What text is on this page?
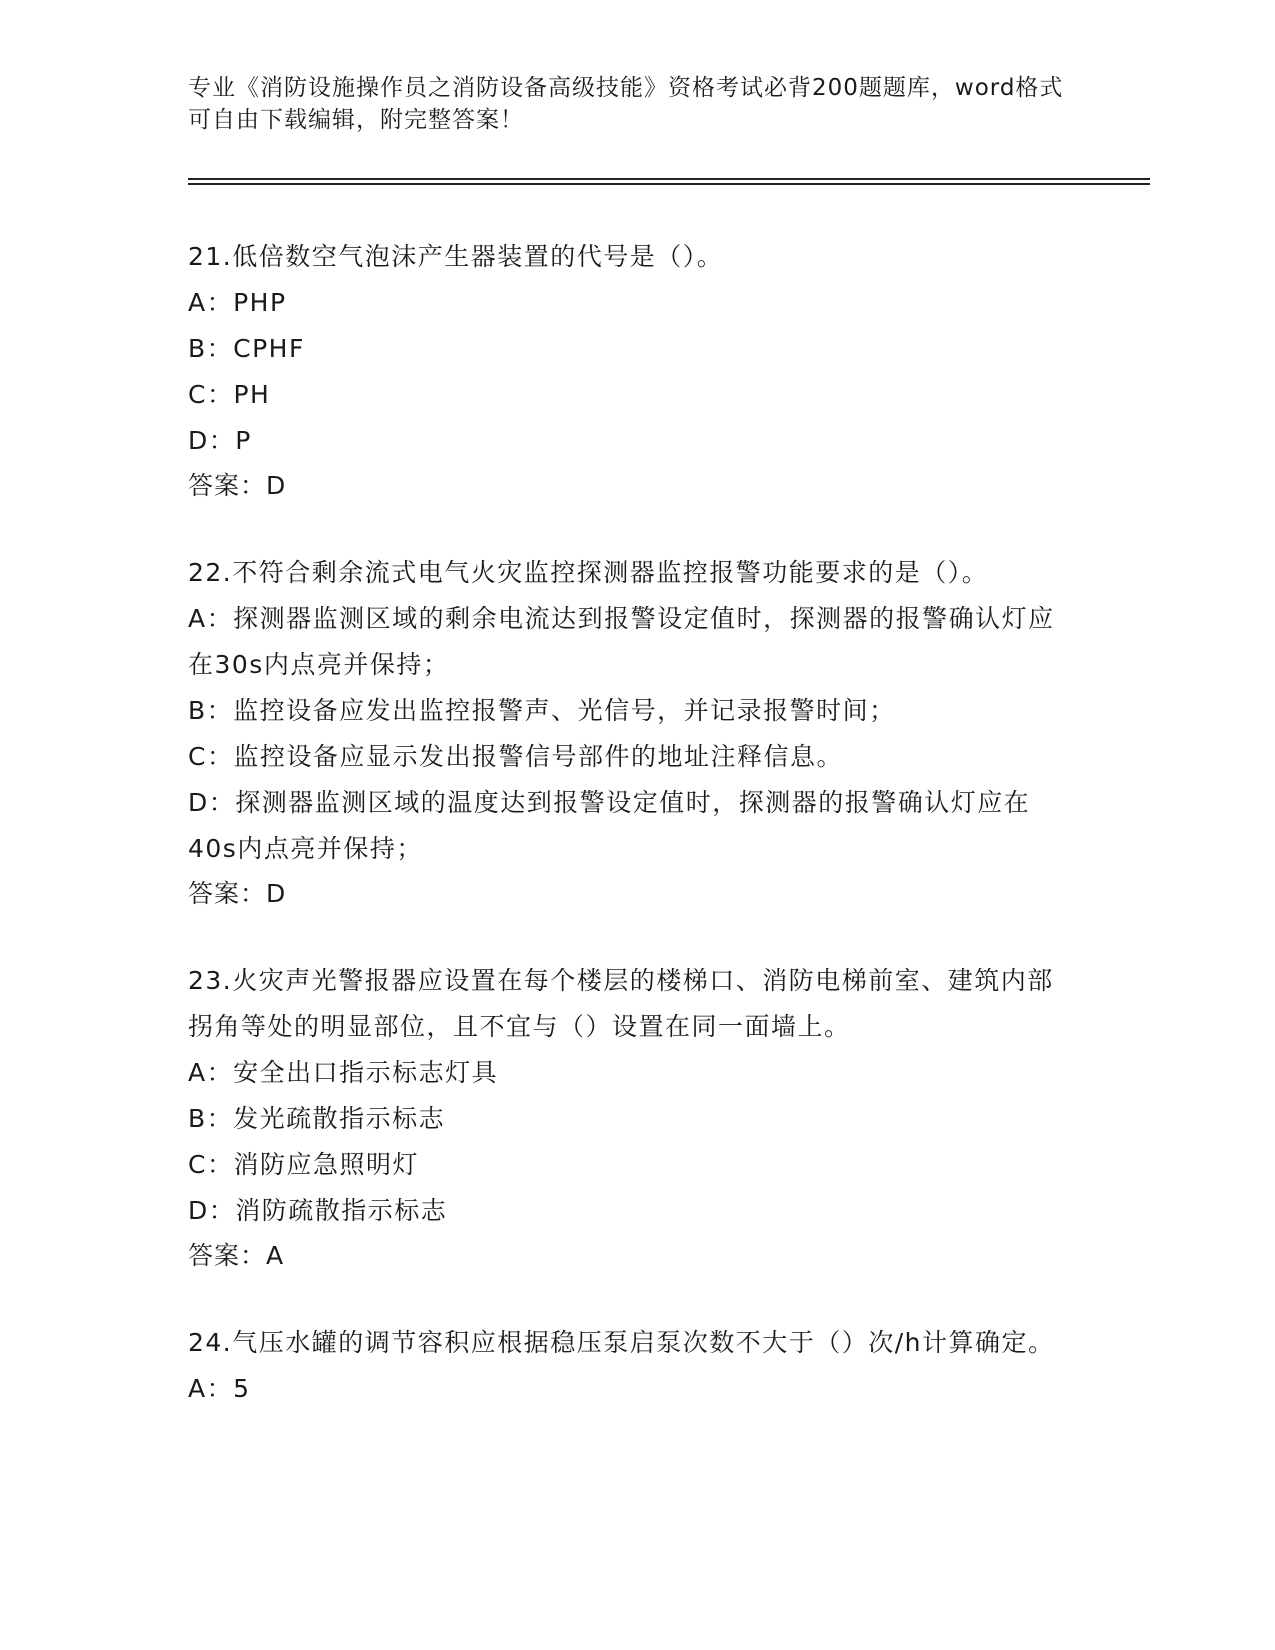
专业《消防设施操作员之消防设备高级技能》资格考试必背200题题库，word格式可自由下载编辑，附完整答案！
21.低倍数空气泡沫产生器装置的代号是（）。
A：PHP
B：CPHF
C：PH
D：P
答案：D
22.不符合剩余流式电气火灾监控探测器监控报警功能要求的是（）。
A：探测器监测区域的剩余电流达到报警设定值时，探测器的报警确认灯应在30s内点亮并保持；
B：监控设备应发出监控报警声、光信号，并记录报警时间；
C：监控设备应显示发出报警信号部件的地址注释信息。
D：探测器监测区域的温度达到报警设定值时，探测器的报警确认灯应在40s内点亮并保持；
答案：D
23.火灾声光警报器应设置在每个楼层的楼梯口、消防电梯前室、建筑内部拐角等处的明显部位，且不宜与（）设置在同一面墙上。
A：安全出口指示标志灯具
B：发光疏散指示标志
C：消防应急照明灯
D：消防疏散指示标志
答案：A
24.气压水罐的调节容积应根据稳压泵启泵次数不大于（）次/h计算确定。
A：5
